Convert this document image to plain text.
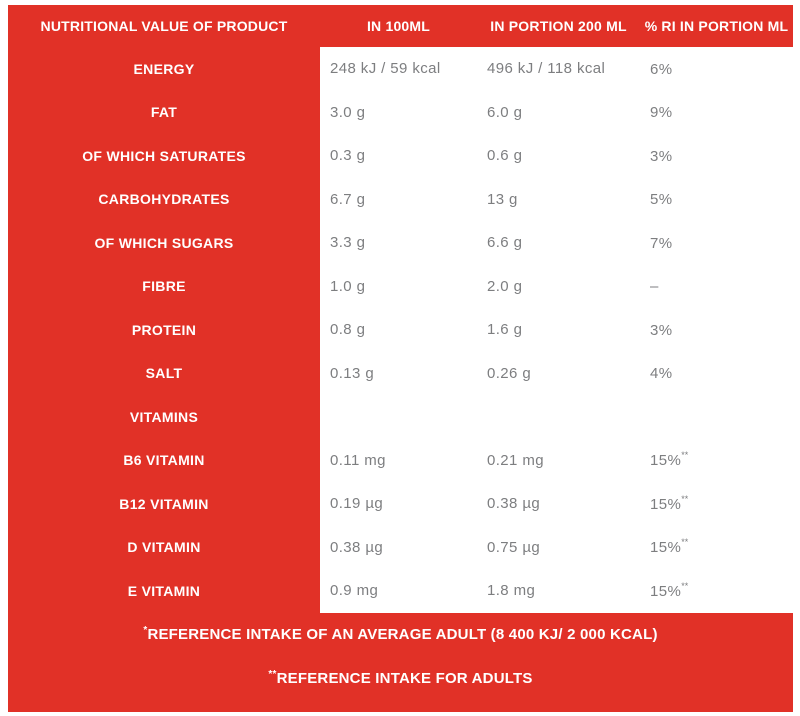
NUTRITIONAL VALUE OF PRODUCT	IN 100ML	IN PORTION 200 ML	% RI IN PORTION ML
ENERGY	248 kJ / 59 kcal	496 kJ / 118 kcal	6%
FAT	3.0 g	6.0 g	9%
OF WHICH SATURATES	0.3 g	0.6 g	3%
CARBOHYDRATES	6.7 g	13 g	5%
OF WHICH SUGARS	3.3 g	6.6 g	7%
FIBRE	1.0 g	2.0 g	–
PROTEIN	0.8 g	1.6 g	3%
SALT	0.13 g	0.26 g	4%
VITAMINS
B6 VITAMIN	0.11 mg	0.21 mg	15%**
B12 VITAMIN	0.19 µg	0.38 µg	15%**
D VITAMIN	0.38 µg	0.75 µg	15%**
E VITAMIN	0.9 mg	1.8 mg	15%**
*REFERENCE INTAKE OF AN AVERAGE ADULT (8 400 KJ/ 2 000 KCAL)
**REFERENCE INTAKE FOR ADULTS
